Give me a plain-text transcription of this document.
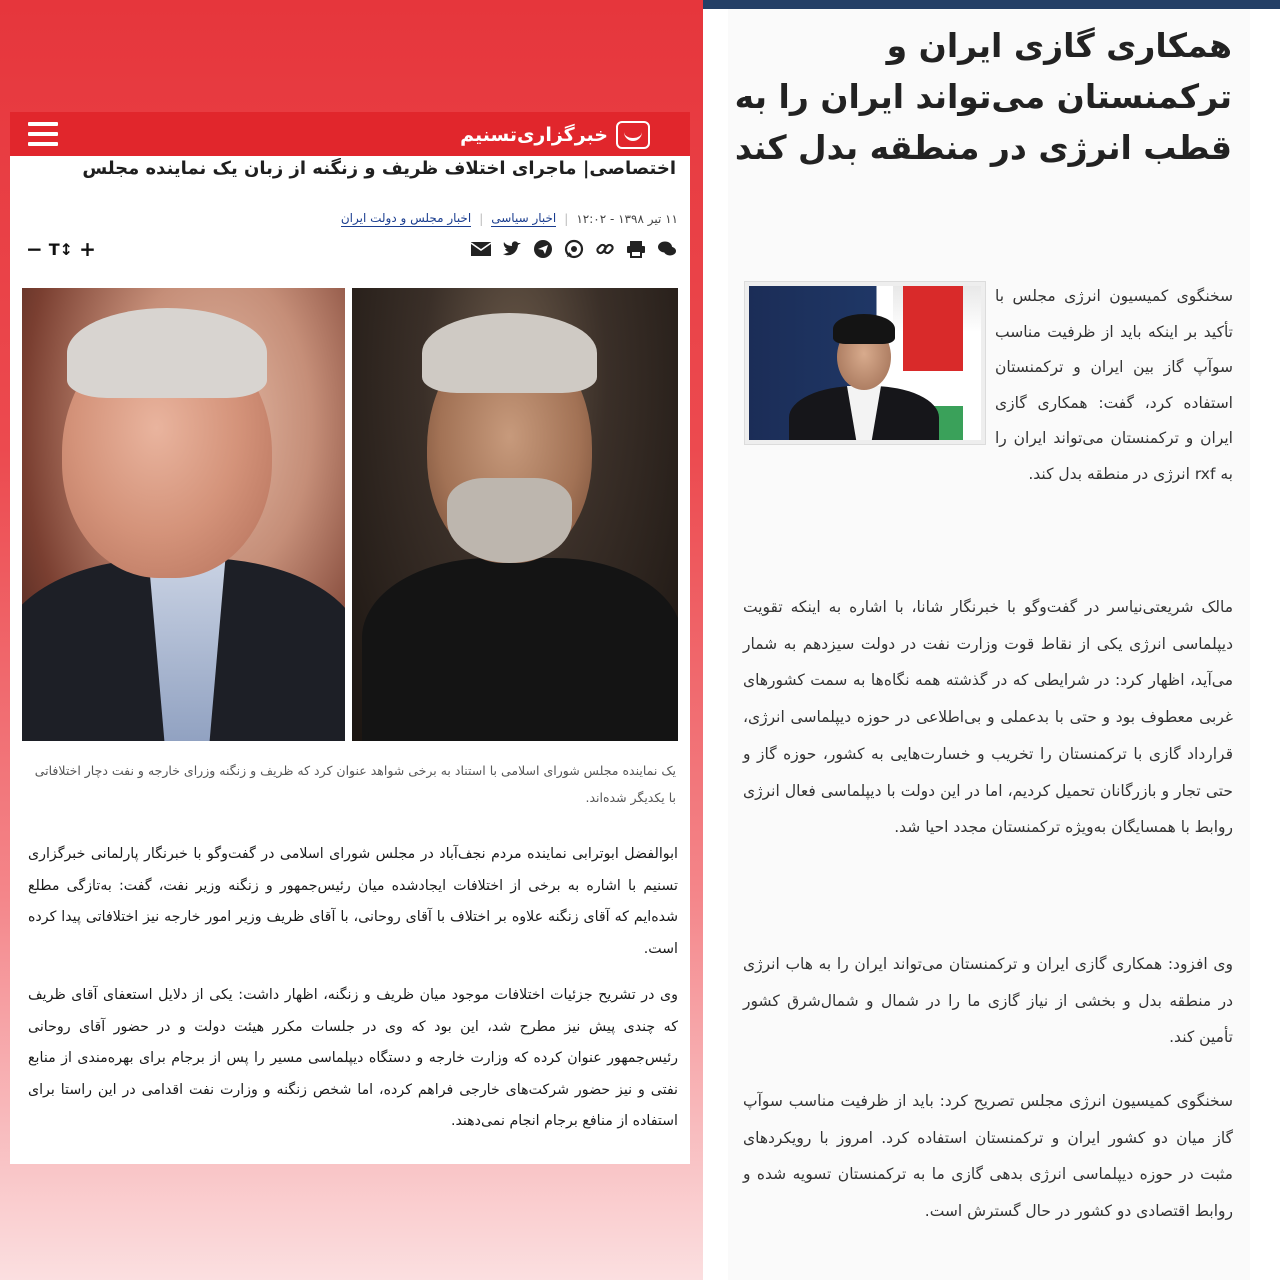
خبرگزاری‌تسنیم
اختصاصی| ماجرای اختلاف ظریف و زنگنه از زبان یک نماینده مجلس
۱۱ تیر ۱۳۹۸ - ۱۲:۰۲
|
اخبار سیاسی
|
اخبار مجلس و دولت ایران
− T↕ +
یک نماینده مجلس شورای اسلامی با استناد به برخی شواهد عنوان کرد که ظریف و زنگنه وزرای خارجه و نفت دچار اختلافاتی با یکدیگر شده‌اند.
ابوالفضل ابوترابی نماینده مردم نجف‌آباد در مجلس شورای اسلامی در گفت‌وگو با خبرنگار پارلمانی خبرگزاری تسنیم با اشاره به برخی از اختلافات ایجادشده میان رئیس‌جمهور و زنگنه وزیر نفت، گفت: به‌تازگی مطلع شده‌ایم که آقای زنگنه علاوه بر اختلاف با آقای روحانی، با آقای ظریف وزیر امور خارجه نیز اختلافاتی پیدا کرده است.
وی در تشریح جزئیات اختلافات موجود میان ظریف و زنگنه، اظهار داشت: یکی از دلایل استعفای آقای ظریف که چندی پیش نیز مطرح شد، این بود که وی در جلسات مکرر هیئت دولت و در حضور آقای روحانی رئیس‌جمهور عنوان کرده که وزارت خارجه و دستگاه دیپلماسی مسیر را پس از برجام برای بهره‌مندی از منابع نفتی و نیز حضور شرکت‌های خارجی فراهم کرده، اما شخص زنگنه و وزارت نفت اقدامی در این راستا برای استفاده از منافع برجام انجام نمی‌دهند.
همکاری گازی ایران و ترکمنستان می‌تواند ایران را به قطب انرژی در منطقه بدل کند
سخنگوی کمیسیون انرژی مجلس با تأکید بر اینکه باید از ظرفیت مناسب سوآپ گاز بین ایران و ترکمنستان استفاده کرد، گفت: همکاری گازی ایران و ترکمنستان می‌تواند ایران را به rxf انرژی در منطقه بدل کند.
مالک شریعتی‌نیاسر در گفت‌وگو با خبرنگار شانا، با اشاره به اینکه تقویت دیپلماسی انرژی یکی از نقاط قوت وزارت نفت در دولت سیزدهم به شمار می‌آید، اظهار کرد: در شرایطی که در گذشته همه نگاه‌ها به سمت کشورهای غربی معطوف بود و حتی با بدعملی و بی‌اطلاعی در حوزه دیپلماسی انرژی، قرارداد گازی با ترکمنستان را تخریب و خسارت‌هایی به کشور، حوزه گاز و حتی تجار و بازرگانان تحمیل کردیم، اما در این دولت با دیپلماسی فعال انرژی روابط با همسایگان به‌ویژه ترکمنستان مجدد احیا شد.
وی افزود: همکاری گازی ایران و ترکمنستان می‌تواند ایران را به هاب انرژی در منطقه بدل و بخشی از نیاز گازی ما را در شمال و شمال‌شرق کشور تأمین کند.
سخنگوی کمیسیون انرژی مجلس تصریح کرد: باید از ظرفیت مناسب سوآپ گاز میان دو کشور ایران و ترکمنستان استفاده کرد. امروز با رویکردهای مثبت در حوزه دیپلماسی انرژی بدهی گازی ما به ترکمنستان تسویه شده و روابط اقتصادی دو کشور در حال گسترش است.
